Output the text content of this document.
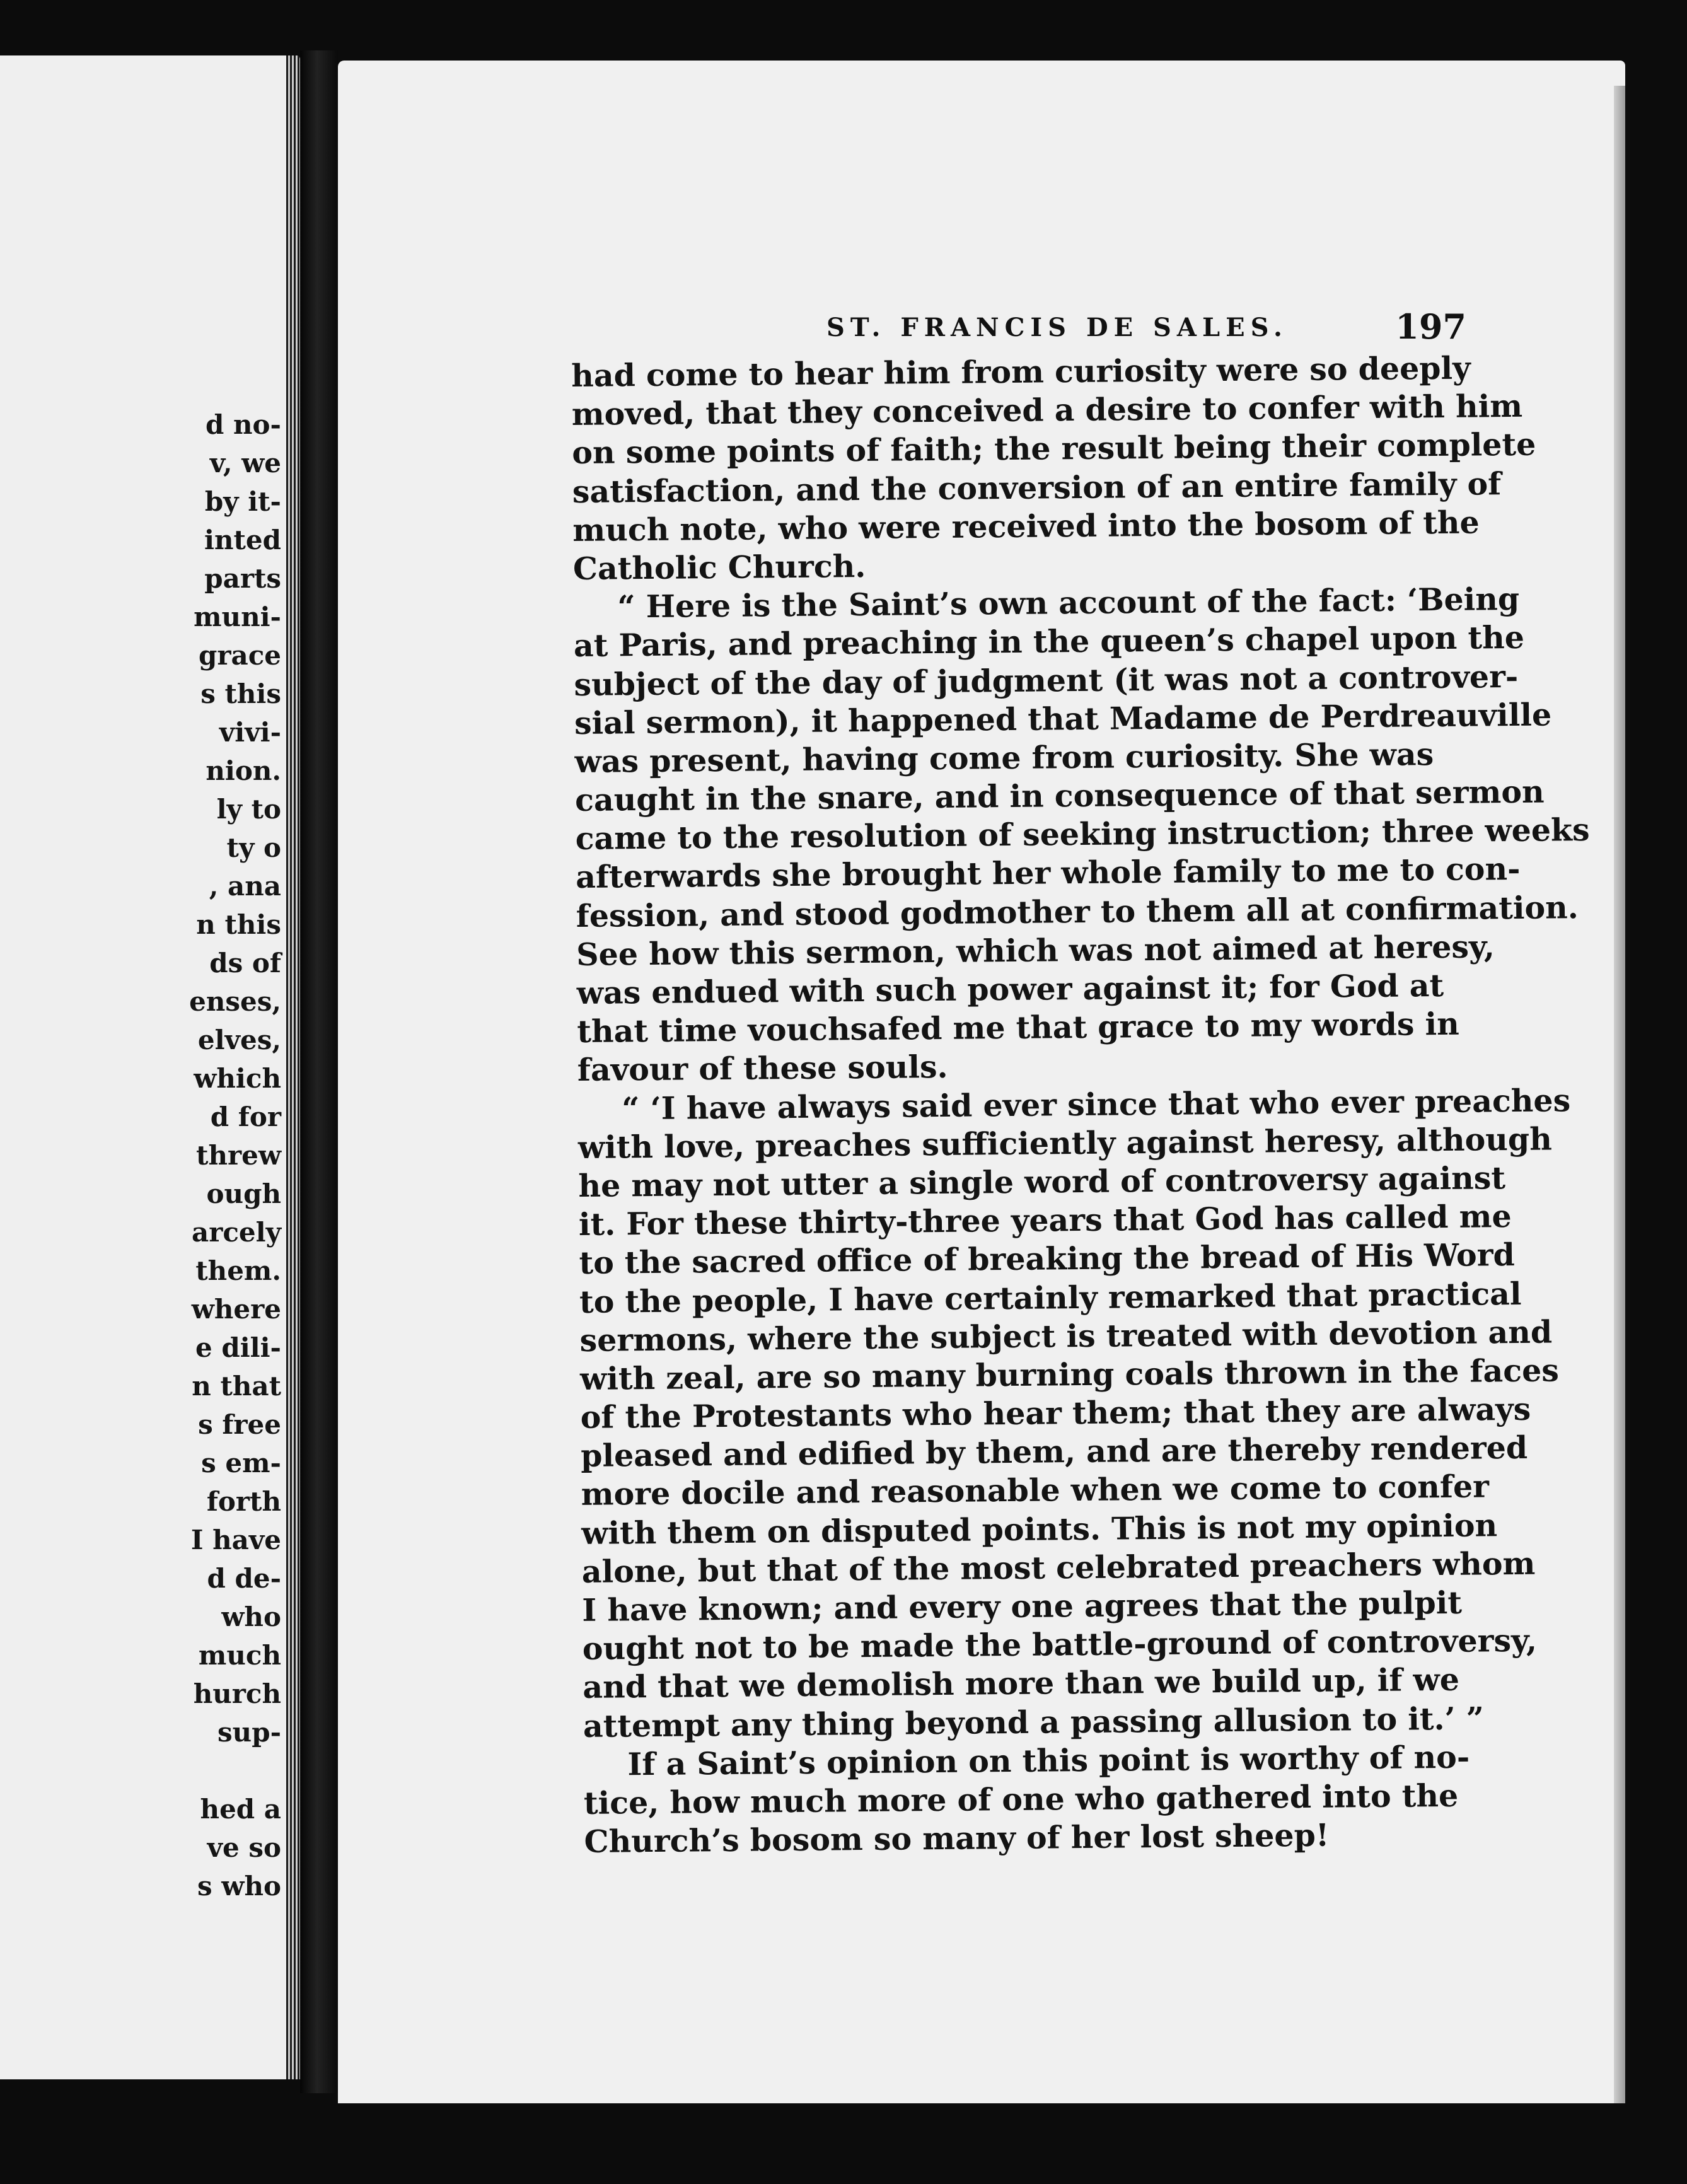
d no-
v, we
by it-
inted
parts
muni-
grace
s this
vivi-
nion.
ly to
ty o
, ana
n this
ds of
enses,
elves,
which
d for
threw
ough
arcely
them.
where
e dili-
n that
s free
s em-
forth
I have
d de-
who
much
hurch
sup-
hed a
ve so
s who
ST. FRANCIS DE SALES.	197
had come to hear him from curiosity were so deeply
moved, that they conceived a desire to confer with him
on some points of faith; the result being their complete
satisfaction, and the conversion of an entire family of
much note, who were received into the bosom of the
Catholic Church.
“ Here is the Saint’s own account of the fact: ‘Being
at Paris, and preaching in the queen’s chapel upon the
subject of the day of judgment (it was not a controver-
sial sermon), it happened that Madame de Perdreauville
was present, having come from curiosity. She was
caught in the snare, and in consequence of that sermon
came to the resolution of seeking instruction; three weeks
afterwards she brought her whole family to me to con-
fession, and stood godmother to them all at confirmation.
See how this sermon, which was not aimed at heresy,
was endued with such power against it; for God at
that time vouchsafed me that grace to my words in
favour of these souls.
“ ‘I have always said ever since that who ever preaches
with love, preaches sufficiently against heresy, although
he may not utter a single word of controversy against
it. For these thirty-three years that God has called me
to the sacred office of breaking the bread of His Word
to the people, I have certainly remarked that practical
sermons, where the subject is treated with devotion and
with zeal, are so many burning coals thrown in the faces
of the Protestants who hear them; that they are always
pleased and edified by them, and are thereby rendered
more docile and reasonable when we come to confer
with them on disputed points. This is not my opinion
alone, but that of the most celebrated preachers whom
I have known; and every one agrees that the pulpit
ought not to be made the battle-ground of controversy,
and that we demolish more than we build up, if we
attempt any thing beyond a passing allusion to it.’ ”
If a Saint’s opinion on this point is worthy of no-
tice, how much more of one who gathered into the
Church’s bosom so many of her lost sheep!
